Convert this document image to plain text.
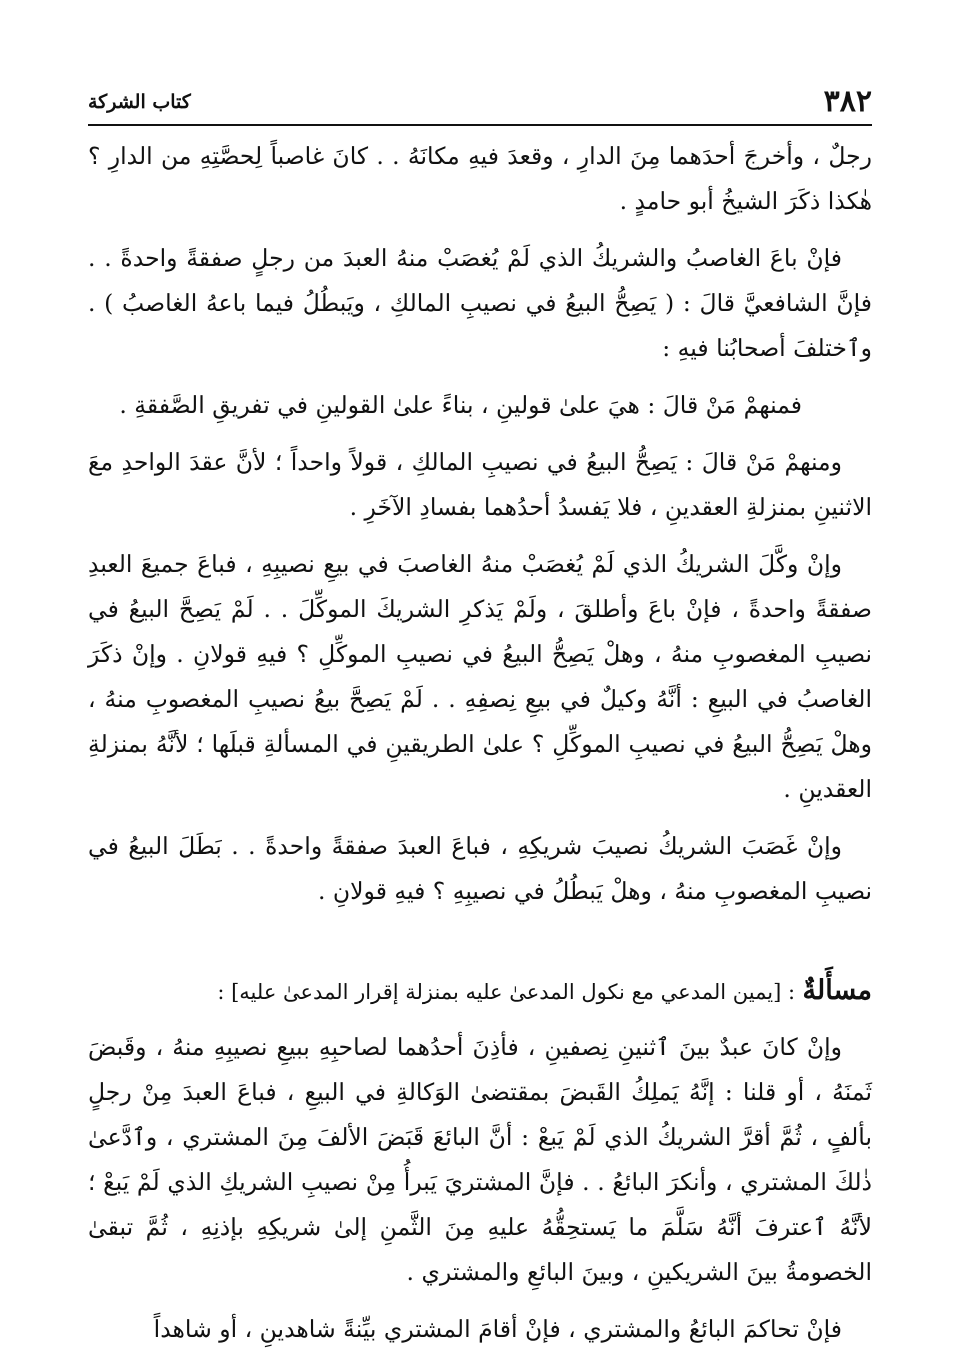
٣٨٢
كتاب الشركة

رجلٌ ، وأخرجَ أحدَهما مِنَ الدارِ ، وقعدَ فيهِ مكانَهُ . . كانَ غاصباً لِحصَّتِهِ من الدارِ ؟ هٰكذا ذكَرَ الشيخُ أبو حامدٍ .

فإنْ باعَ الغاصبُ والشريكُ الذي لَمْ يُغصَبْ منهُ العبدَ من رجلٍ صفقةً واحدةً . . فإنَّ الشافعيَّ قالَ : ( يَصِحُّ البيعُ في نصيبِ المالكِ ، ويَبطُلُ فيما باعهُ الغاصبُ ) . وٱختلفَ أصحابُنا فيهِ :

فمنهمْ مَنْ قالَ : هيَ علىٰ قولينِ ، بناءً علىٰ القولينِ في تفريقِ الصَّفقةِ .

ومنهمْ مَنْ قالَ : يَصِحُّ البيعُ في نصيبِ المالكِ ، قولاً واحداً ؛ لأنَّ عقدَ الواحدِ معَ الاثنينِ بمنزلةِ العقدينِ ، فلا يَفسدُ أحدُهما بفسادِ الآخَرِ .

وإنْ وكَّلَ الشريكُ الذي لَمْ يُغصَبْ منهُ الغاصبَ في بيعِ نصيبِهِ ، فباعَ جميعَ العبدِ صفقةً واحدةً ، فإنْ باعَ وأطلقَ ، ولَمْ يَذكرِ الشريكَ الموكِّلَ . . لَمْ يَصِحَّ البيعُ في نصيبِ المغصوبِ منهُ ، وهلْ يَصِحُّ البيعُ في نصيبِ الموكِّلِ ؟ فيهِ قولانِ . وإنْ ذكَرَ الغاصبُ في البيعِ : أنَّهُ وكيلٌ في بيعِ نِصفِهِ . . لَمْ يَصِحَّ بيعُ نصيبِ المغصوبِ منهُ ، وهلْ يَصِحُّ البيعُ في نصيبِ الموكِّلِ ؟ علىٰ الطريقينِ في المسألةِ قبلَها ؛ لأنَّهُ بمنزلةِ العقدينِ .

وإنْ غَصَبَ الشريكُ نصيبَ شريكِهِ ، فباعَ العبدَ صفقةً واحدةً . . بَطَلَ البيعُ في نصيبِ المغصوبِ منهُ ، وهلْ يَبطُلُ في نصيبِهِ ؟ فيهِ قولانِ .

مسأَلةٌ : [يمين المدعي مع نكول المدعىٰ عليه بمنزلة إقرار المدعىٰ عليه] :

وإنْ كانَ عبدٌ بينَ ٱثنينِ نِصفينِ ، فأذِنَ أحدُهما لصاحبِهِ ببيعِ نصيبِهِ منهُ ، وقَبضَ ثَمنَهُ ، أو قلنا : إنَّهُ يَملِكُ القَبضَ بمقتضىٰ الوَكالةِ في البيعِ ، فباعَ العبدَ مِنْ رجلٍ بألفٍ ، ثُمَّ أقرَّ الشريكُ الذي لَمْ يَبعْ : أنَّ البائعَ قَبَضَ الألفَ مِنَ المشتري ، وٱدَّعىٰ ذٰلكَ المشتري ، وأنكرَ البائعُ . . فإنَّ المشتريَ يَبرأُ مِنْ نصيبِ الشريكِ الذي لَمْ يَبعْ ؛ لأنَّهُ ٱعترفَ أنَّهُ سَلَّمَ ما يَستحِقُّهُ عليهِ مِنَ الثَّمنِ إلىٰ شريكِهِ بإذنِهِ ، ثُمَّ تبقىٰ الخصومةُ بينَ الشريكينِ ، وبينَ البائعِ والمشتري .

فإنْ تحاكمَ البائعُ والمشتري ، فإنْ أقامَ المشتري بيِّنةً شاهدينِ ، أو شاهداً
